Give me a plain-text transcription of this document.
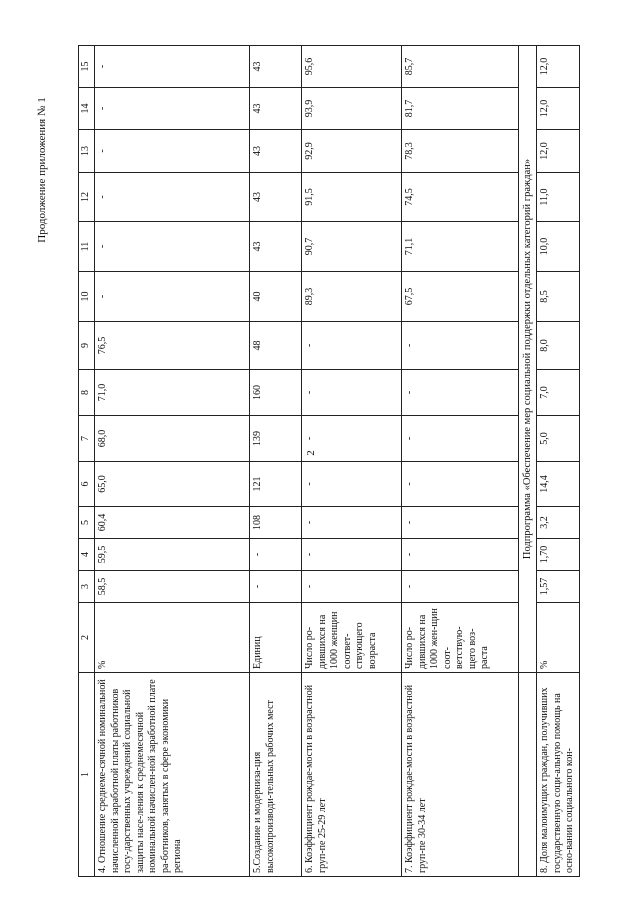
2
Продолжение приложения № 1
1	2	3	4	5	6	7	8	9	10	11	12	13	14	15
4. Отношение среднеме-сячной номинальной начисленной заработной платы работников госу-дарственных учреждений социальной защиты насе-ления к среднемесячной номинальной начислен-ной заработной плате ра-ботников, занятых в сфере экономики региона	%	58,5	59,5	60,4	65,0	68,0	71,0	76,5	-	-	-	-	-	-
5.Создание и модерниза-ция высокопроизводи-тельных рабочих мест	Единиц	-	-	108	121	139	160	48	40	43	43	43	43	43
6. Коэффициент рождае-мости в возрастной груп-пе 25-29 лет	Число ро-дившихся на 1000 женщин соответ-ствующего возраста	-	-	-	-	-	-	-	89,3	90,7	91,5	92,9	93,9	95,6
7. Коэффициент рождае-мости в возрастной груп-пе 30-34 лет	Число ро-дившихся на 1000 жен-щин соот-ветствую-щего воз-раста	-	-	-	-	-	-	-	67,5	71,1	74,5	78,3	81,7	85,7
	Подпрограмма «Обеспечение мер социальной поддержки отдельных категорий граждан»													
8. Доля малоимущих граждан, получивших государственную соци-альную помощь на осно-вании социального кон-	%	1,57	1,70	3,2	14,4	5,0	7,0	8,0	8,5	10,0	11,0	12,0	12,0	12,0
